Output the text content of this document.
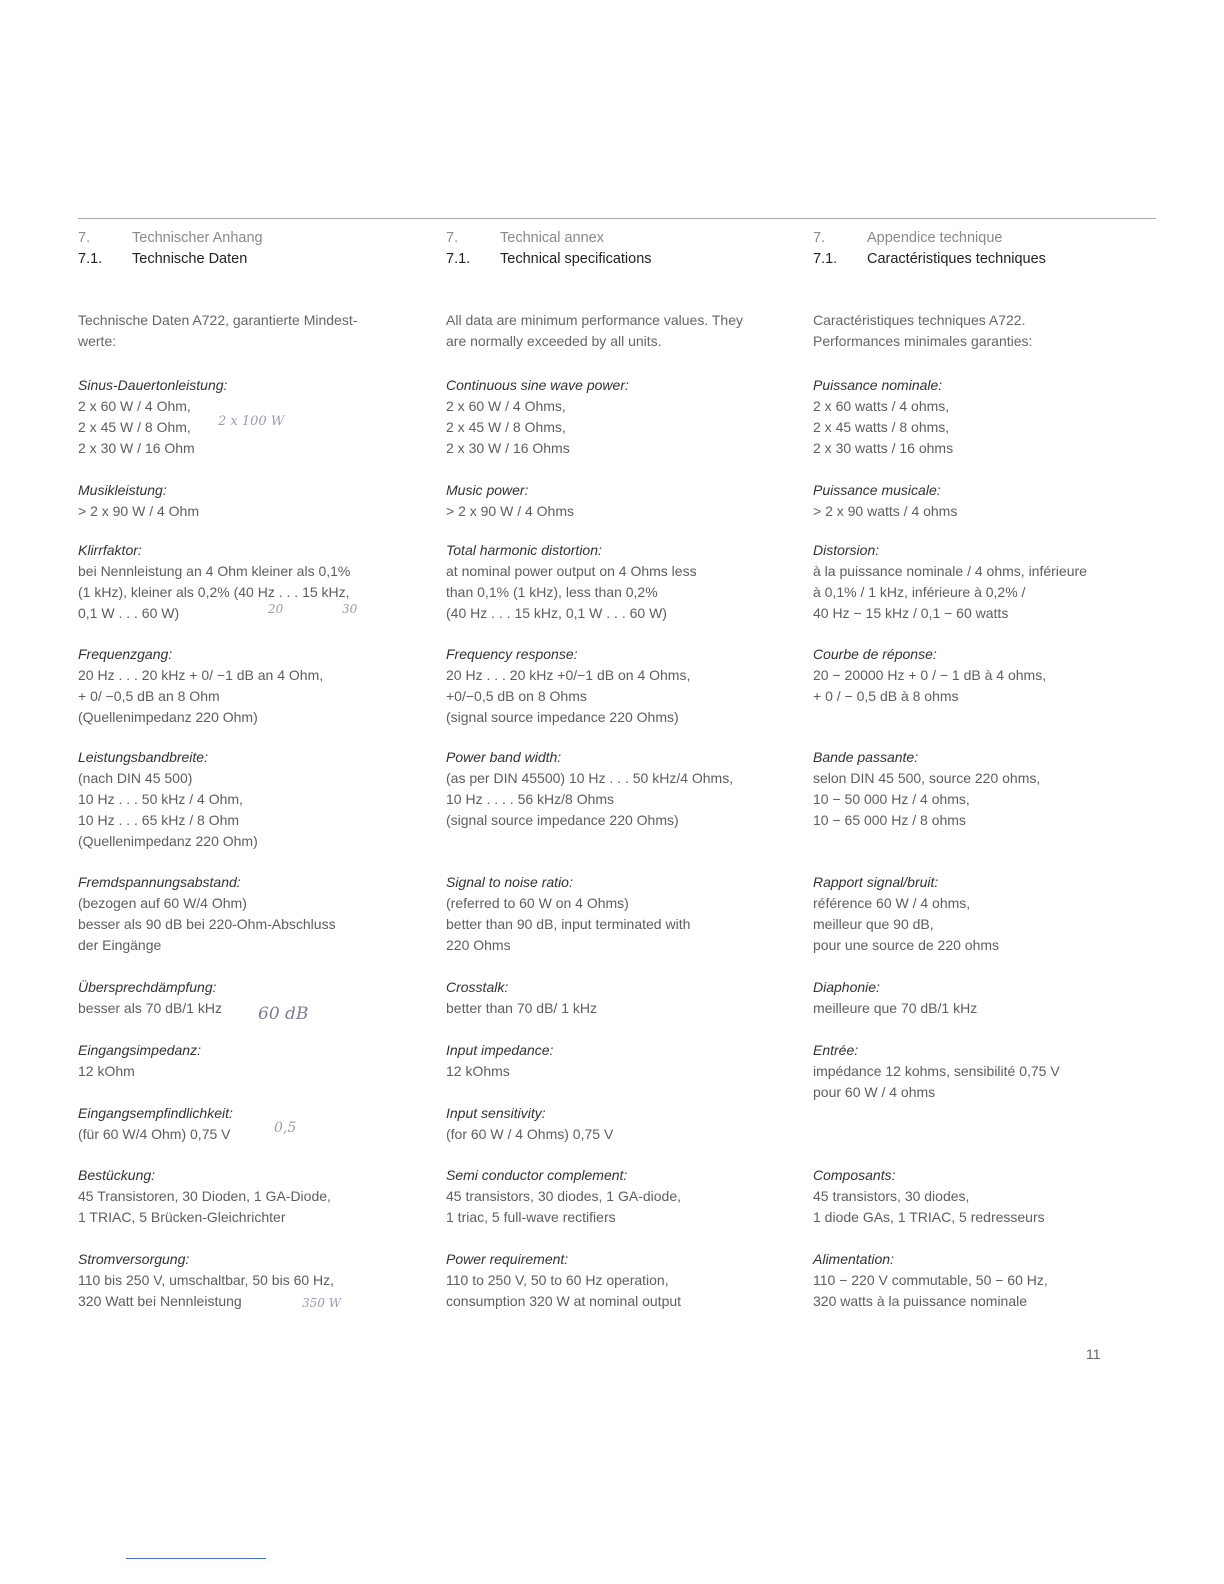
7.	Technischer Anhang
7.1.	Technische Daten
Technische Daten A722, garantierte Mindest-
werte:
Sinus-Dauertonleistung:
2 x 60 W / 4 Ohm,
2 x 45 W / 8 Ohm,
2 x 30 W / 16 Ohm
Musikleistung:
> 2 x 90 W / 4 Ohm
Klirrfaktor:
bei Nennleistung an 4 Ohm kleiner als 0,1%
(1 kHz), kleiner als 0,2% (40 Hz . . . 15 kHz,
0,1 W . . . 60 W)
Frequenzgang:
20 Hz . . . 20 kHz + 0/ −1 dB an 4 Ohm,
+ 0/ −0,5 dB an 8 Ohm
(Quellenimpedanz 220 Ohm)
Leistungsbandbreite:
(nach DIN 45 500)
10 Hz . . . 50 kHz / 4 Ohm,
10 Hz . . . 65 kHz / 8 Ohm
(Quellenimpedanz 220 Ohm)
Fremdspannungsabstand:
(bezogen auf 60 W/4 Ohm)
besser als 90 dB bei 220-Ohm-Abschluss
der Eingänge
Übersprechdämpfung:
besser als 70 dB/1 kHz
Eingangsimpedanz:
12 kOhm
Eingangsempfindlichkeit:
(für 60 W/4 Ohm) 0,75 V
Bestückung:
45 Transistoren, 30 Dioden, 1 GA-Diode,
1 TRIAC, 5 Brücken-Gleichrichter
Stromversorgung:
110 bis 250 V, umschaltbar, 50 bis 60 Hz,
320 Watt bei Nennleistung
7.	Technical annex
7.1.	Technical specifications
All data are minimum performance values. They
are normally exceeded by all units.
Continuous sine wave power:
2 x 60 W / 4 Ohms,
2 x 45 W / 8 Ohms,
2 x 30 W / 16 Ohms
Music power:
> 2 x 90 W / 4 Ohms
Total harmonic distortion:
at nominal power output on 4 Ohms less
than 0,1% (1 kHz), less than 0,2%
(40 Hz . . . 15 kHz, 0,1 W . . . 60 W)
Frequency response:
20 Hz . . . 20 kHz +0/−1 dB on 4 Ohms,
+0/−0,5 dB on 8 Ohms
(signal source impedance 220 Ohms)
Power band width:
(as per DIN 45500) 10 Hz . . . 50 kHz/4 Ohms,
10 Hz . . . . 56 kHz/8 Ohms
(signal source impedance 220 Ohms)
Signal to noise ratio:
(referred to 60 W on 4 Ohms)
better than 90 dB, input terminated with
220 Ohms
Crosstalk:
better than 70 dB/ 1 kHz
Input impedance:
12 kOhms
Input sensitivity:
(for 60 W / 4 Ohms) 0,75 V
Semi conductor complement:
45 transistors, 30 diodes, 1 GA-diode,
1 triac, 5 full-wave rectifiers
Power requirement:
110 to 250 V, 50 to 60 Hz operation,
consumption 320 W at nominal output
7.	Appendice technique
7.1.	Caractéristiques techniques
Caractéristiques techniques A722.
Performances minimales garanties:
Puissance nominale:
2 x 60 watts / 4 ohms,
2 x 45 watts / 8 ohms,
2 x 30 watts / 16 ohms
Puissance musicale:
> 2 x 90 watts / 4 ohms
Distorsion:
à la puissance nominale / 4 ohms, inférieure
à 0,1% / 1 kHz, inférieure à 0,2% /
40 Hz − 15 kHz / 0,1 − 60 watts
Courbe de réponse:
20 − 20000 Hz + 0 / − 1 dB à 4 ohms,
+ 0 / − 0,5 dB à 8 ohms
Bande passante:
selon DIN 45 500, source 220 ohms,
10 − 50 000 Hz / 4 ohms,
10 − 65 000 Hz / 8 ohms
Rapport signal/bruit:
référence 60 W / 4 ohms,
meilleur que 90 dB,
pour une source de 220 ohms
Diaphonie:
meilleure que 70 dB/1 kHz
Entrée:
impédance 12 kohms, sensibilité 0,75 V
pour 60 W / 4 ohms
Composants:
45 transistors, 30 diodes,
1 diode GAs, 1 TRIAC, 5 redresseurs
Alimentation:
110 − 220 V commutable, 50 − 60 Hz,
320 watts à la puissance nominale
2 x 100 W
20	30
60 dB
0,5
350 W
11
